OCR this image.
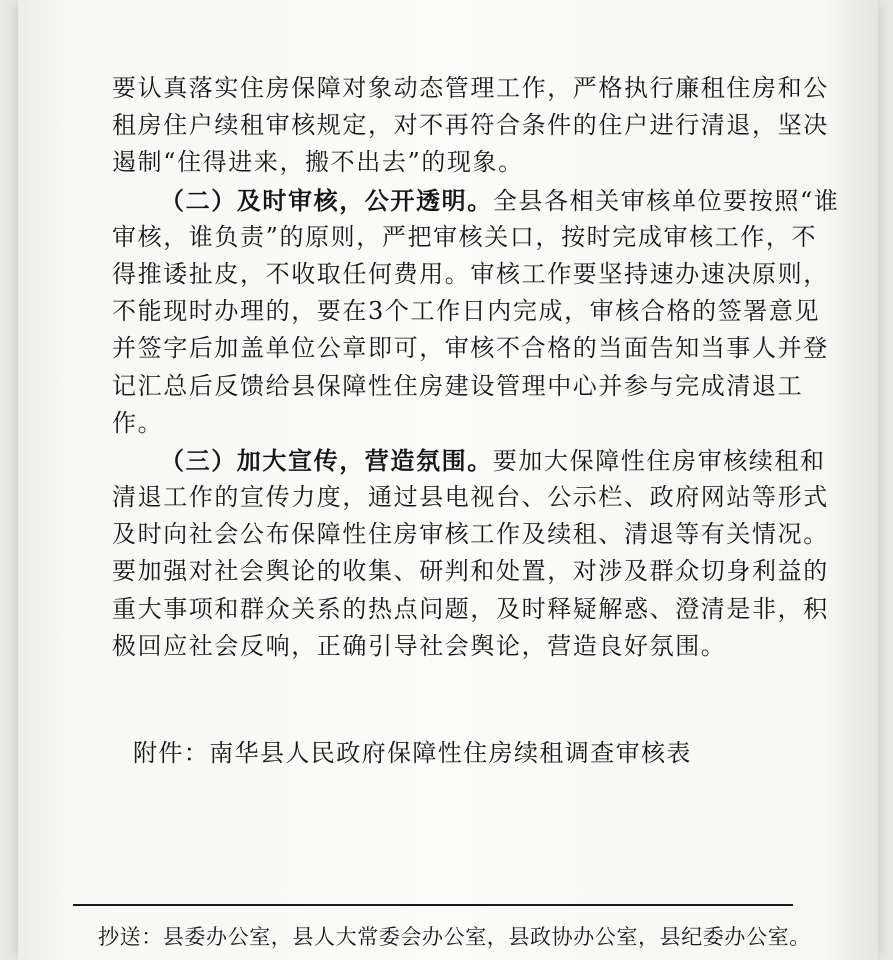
要认真落实住房保障对象动态管理工作，严格执行廉租住房和公

租房住户续租审核规定，对不再符合条件的住户进行清退，坚决

遏制“住得进来，搬不出去”的现象。

（二）及时审核，公开透明。全县各相关审核单位要按照“谁

审核，谁负责”的原则，严把审核关口，按时完成审核工作，不

得推诿扯皮，不收取任何费用。审核工作要坚持速办速决原则，

不能现时办理的，要在3个工作日内完成，审核合格的签署意见

并签字后加盖单位公章即可，审核不合格的当面告知当事人并登

记汇总后反馈给县保障性住房建设管理中心并参与完成清退工

作。

（三）加大宣传，营造氛围。要加大保障性住房审核续租和

清退工作的宣传力度，通过县电视台、公示栏、政府网站等形式

及时向社会公布保障性住房审核工作及续租、清退等有关情况。

要加强对社会舆论的收集、研判和处置，对涉及群众切身利益的

重大事项和群众关系的热点问题，及时释疑解惑、澄清是非，积

极回应社会反响，正确引导社会舆论，营造良好氛围。

附件：南华县人民政府保障性住房续租调查审核表
抄送：县委办公室，县人大常委会办公室，县政协办公室，县纪委办公室。
